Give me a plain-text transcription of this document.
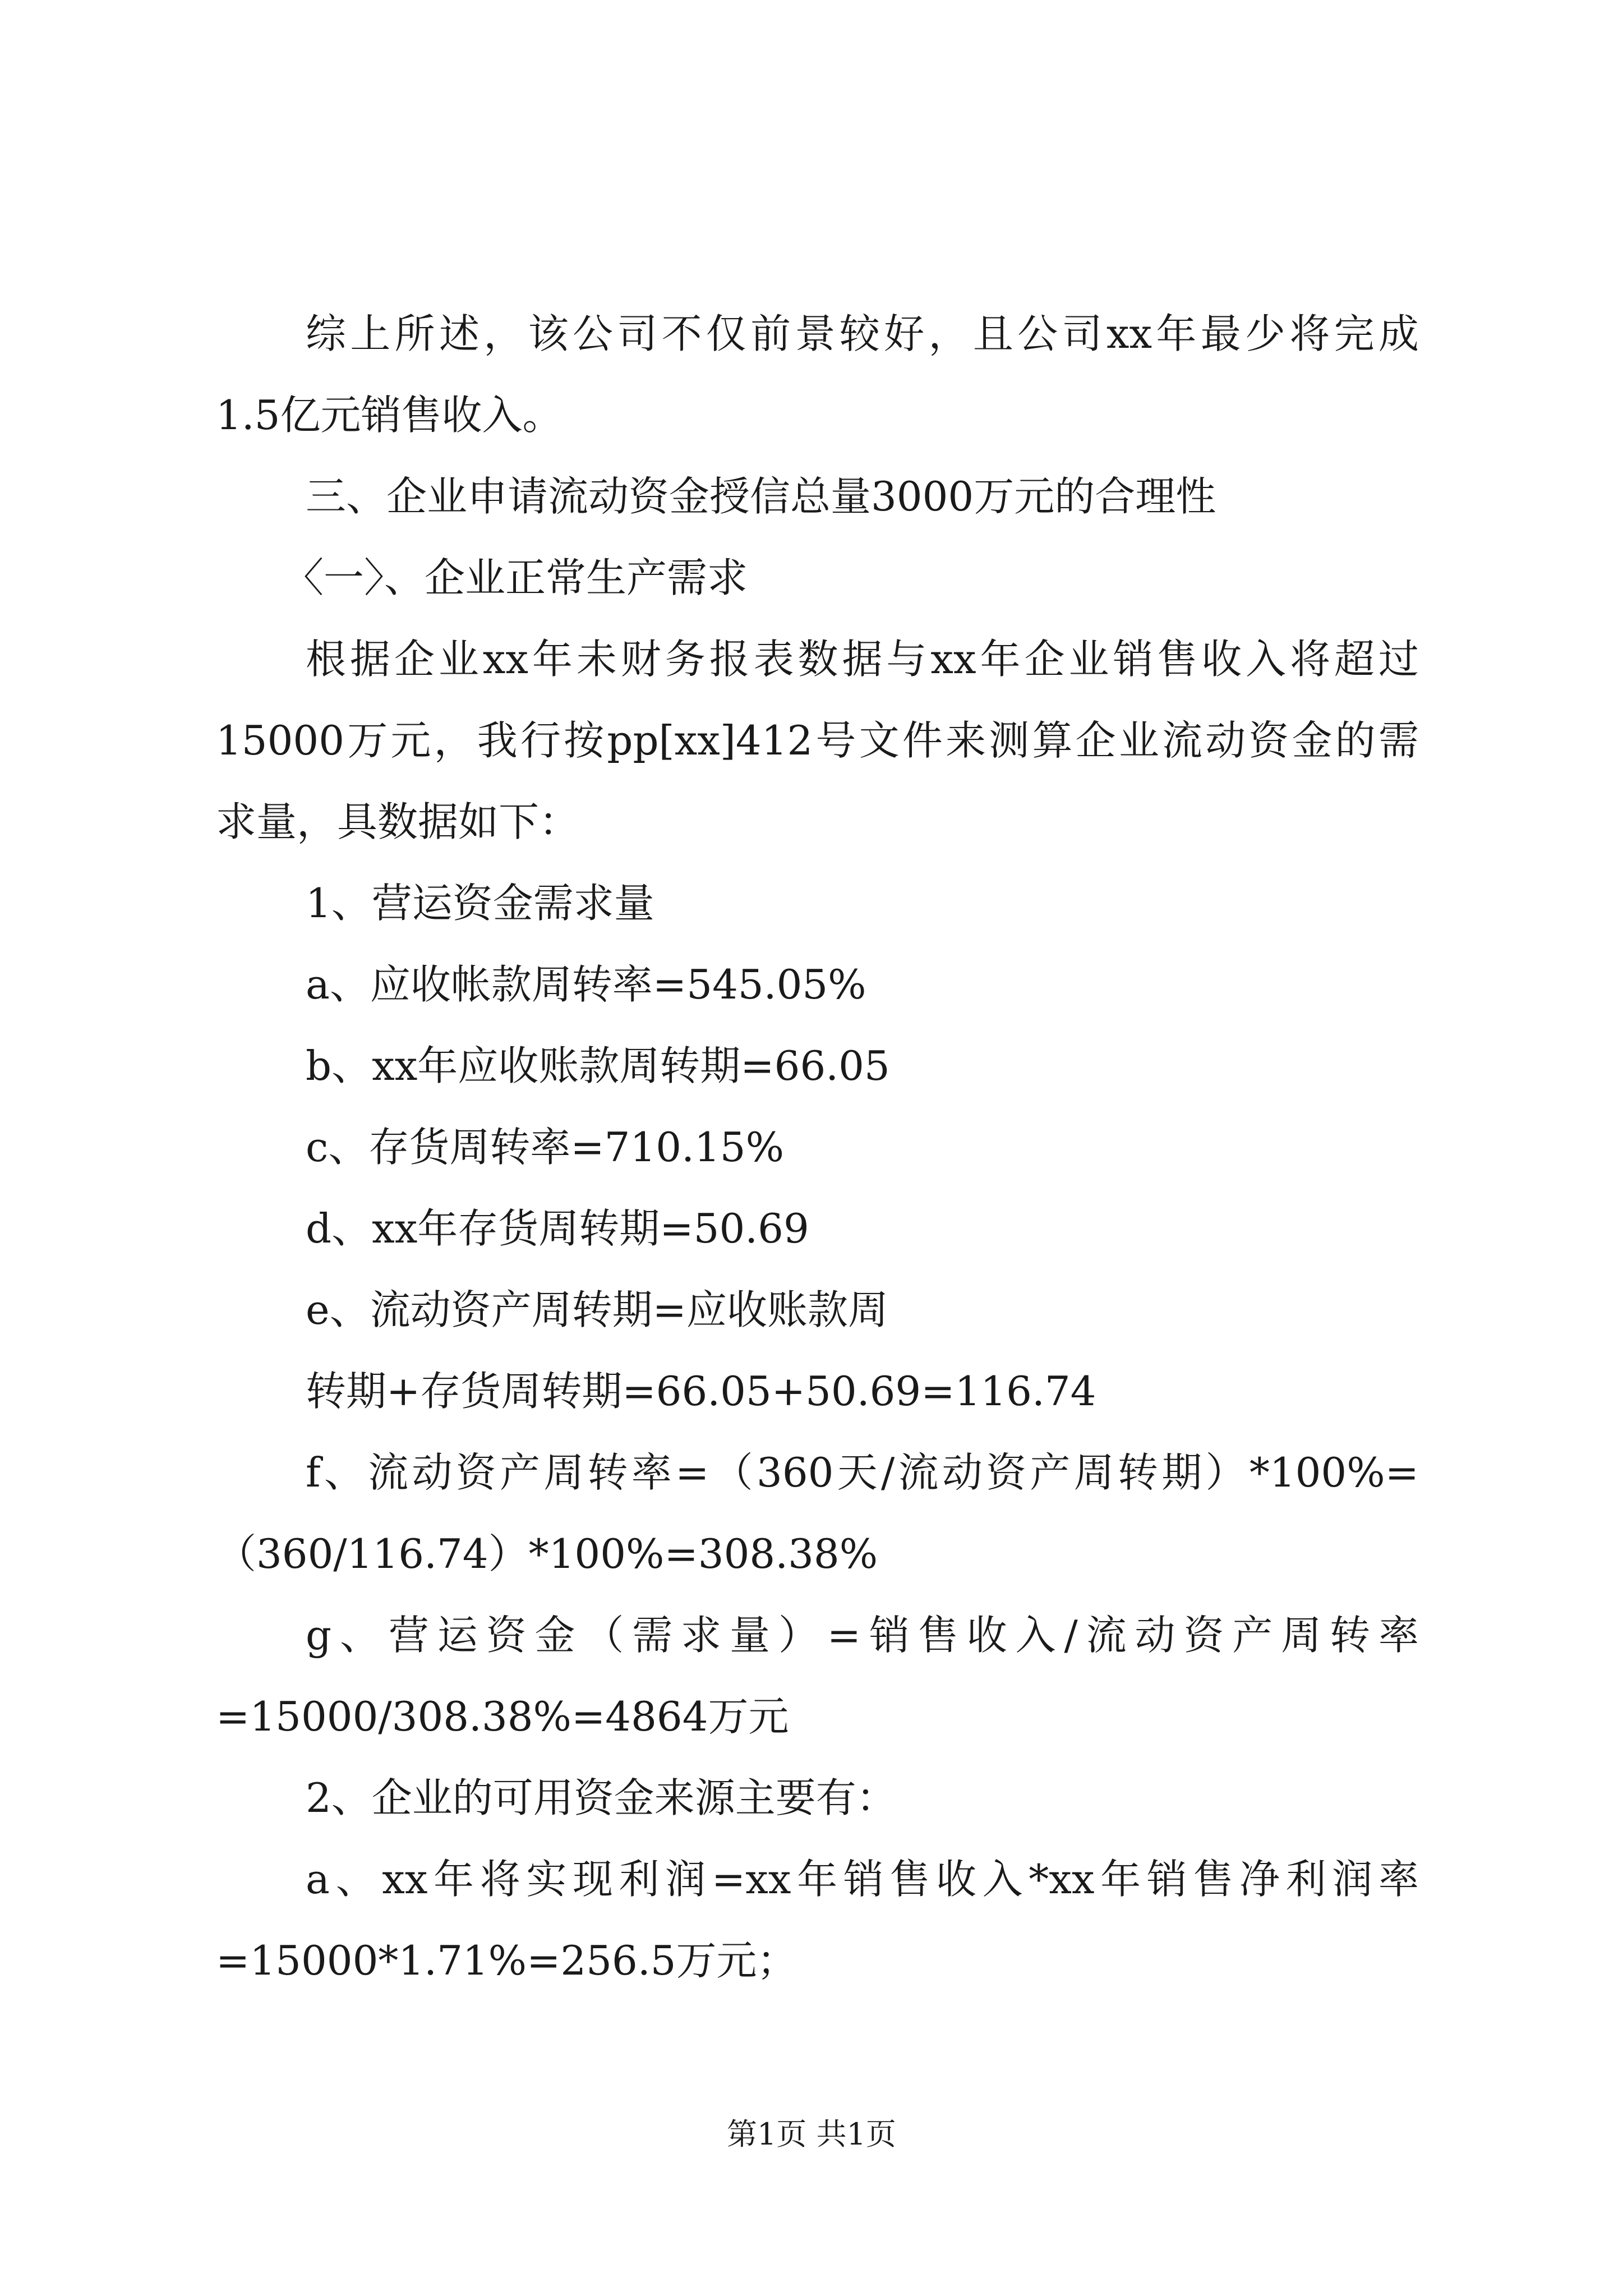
综上所述，该公司不仅前景较好，且公司xx年最少将完成

1.5亿元销售收入。

三、企业申请流动资金授信总量3000万元的合理性

〈一〉、企业正常生产需求

根据企业xx年未财务报表数据与xx年企业销售收入将超过

15000万元，我行按pp[xx]412号文件来测算企业流动资金的需

求量，具数据如下：

1、营运资金需求量

a、应收帐款周转率=545.05%

b、xx年应收账款周转期=66.05

c、存货周转率=710.15%

d、xx年存货周转期=50.69

e、流动资产周转期=应收账款周

转期+存货周转期=66.05+50.69=116.74

f、流动资产周转率=（360天/流动资产周转期）*100%=

（360/116.74）*100%=308.38%

g、营运资金（需求量）=销售收入/流动资产周转率

=15000/308.38%=4864万元

2、企业的可用资金来源主要有：

a、xx年将实现利润=xx年销售收入*xx年销售净利润率

=15000*1.71%=256.5万元；

第1页 共1页
